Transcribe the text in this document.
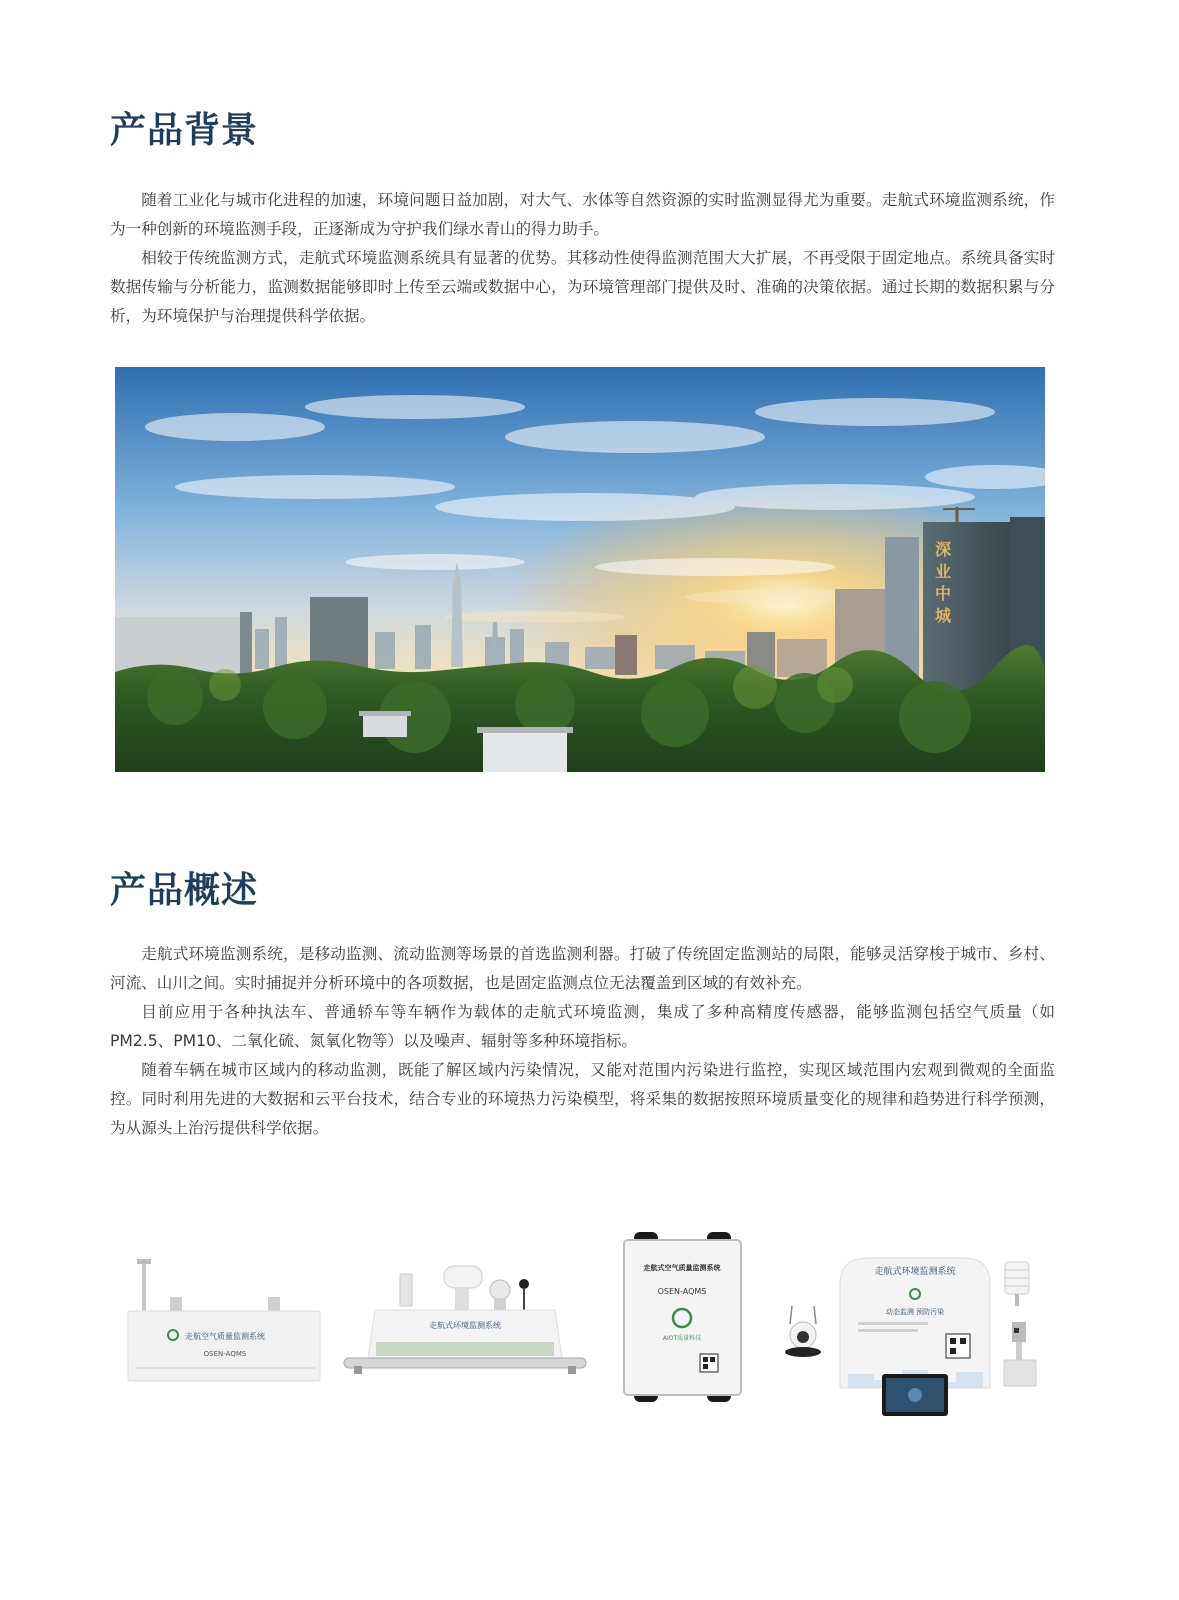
产品背景

随着工业化与城市化进程的加速，环境问题日益加剧，对大气、水体等自然资源的实时监测显得尤为重要。走航式环境监测系统，作为一种创新的环境监测手段，正逐渐成为守护我们绿水青山的得力助手。

相较于传统监测方式，走航式环境监测系统具有显著的优势。其移动性使得监测范围大大扩展，不再受限于固定地点。系统具备实时数据传输与分析能力，监测数据能够即时上传至云端或数据中心，为环境管理部门提供及时、准确的决策依据。通过长期的数据积累与分析，为环境保护与治理提供科学依据。

深
业
中
城
产品概述

走航式环境监测系统，是移动监测、流动监测等场景的首选监测利器。打破了传统固定监测站的局限，能够灵活穿梭于城市、乡村、河流、山川之间。实时捕捉并分析环境中的各项数据，也是固定监测点位无法覆盖到区域的有效补充。

目前应用于各种执法车、普通轿车等车辆作为载体的走航式环境监测，集成了多种高精度传感器，能够监测包括空气质量（如PM2.5、PM10、二氧化硫、氮氧化物等）以及噪声、辐射等多种环境指标。

随着车辆在城市区域内的移动监测，既能了解区域内污染情况，又能对范围内污染进行监控，实现区域范围内宏观到微观的全面监控。同时利用先进的大数据和云平台技术，结合专业的环境热力污染模型，将采集的数据按照环境质量变化的规律和趋势进行科学预测，为从源头上治污提供科学依据。

走航空气质量监测系统
OSEN-AQMS
走航式环境监测系统
走航式空气质量监测系统
OSEN-AQMS
AIOT质量科技
走航式环境监测系统
动态监测 预防污染
